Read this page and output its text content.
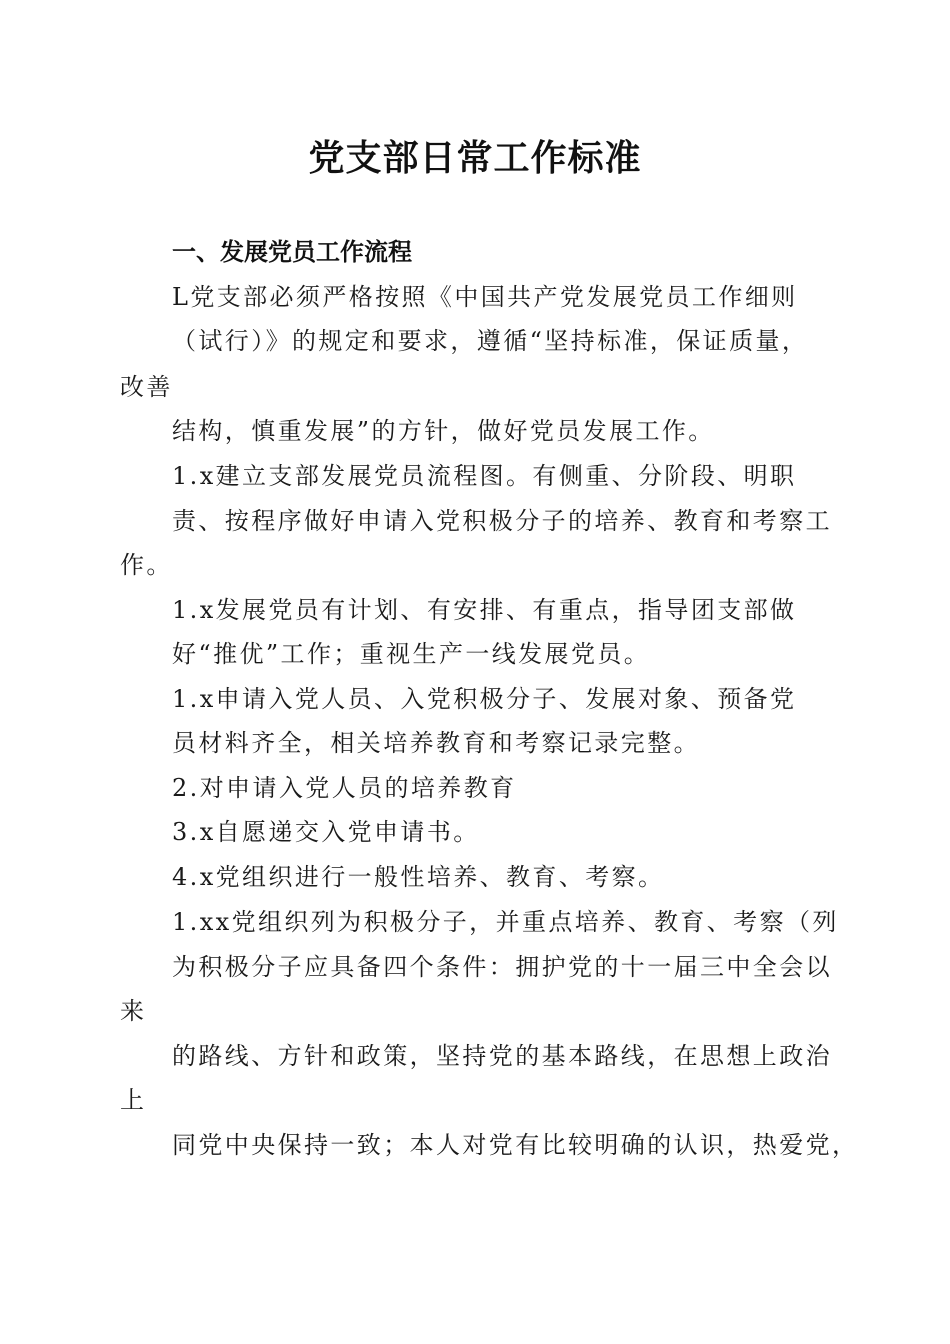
党支部日常工作标准
一、发展党员工作流程
L党支部必须严格按照《中国共产党发展党员工作细则
（试行）》的规定和要求，遵循“坚持标准，保证质量，
改善
结构，慎重发展”的方针，做好党员发展工作。
1.x建立支部发展党员流程图。有侧重、分阶段、明职
责、按程序做好申请入党积极分子的培养、教育和考察工
作。
1.x发展党员有计划、有安排、有重点，指导团支部做
好“推优”工作；重视生产一线发展党员。
1.x申请入党人员、入党积极分子、发展对象、预备党
员材料齐全，相关培养教育和考察记录完整。
2.对申请入党人员的培养教育
3.x自愿递交入党申请书。
4.x党组织进行一般性培养、教育、考察。
1.xx党组织列为积极分子，并重点培养、教育、考察（列
为积极分子应具备四个条件：拥护党的十一届三中全会以
来
的路线、方针和政策，坚持党的基本路线，在思想上政治
上
同党中央保持一致；本人对党有比较明确的认识，热爱党，
